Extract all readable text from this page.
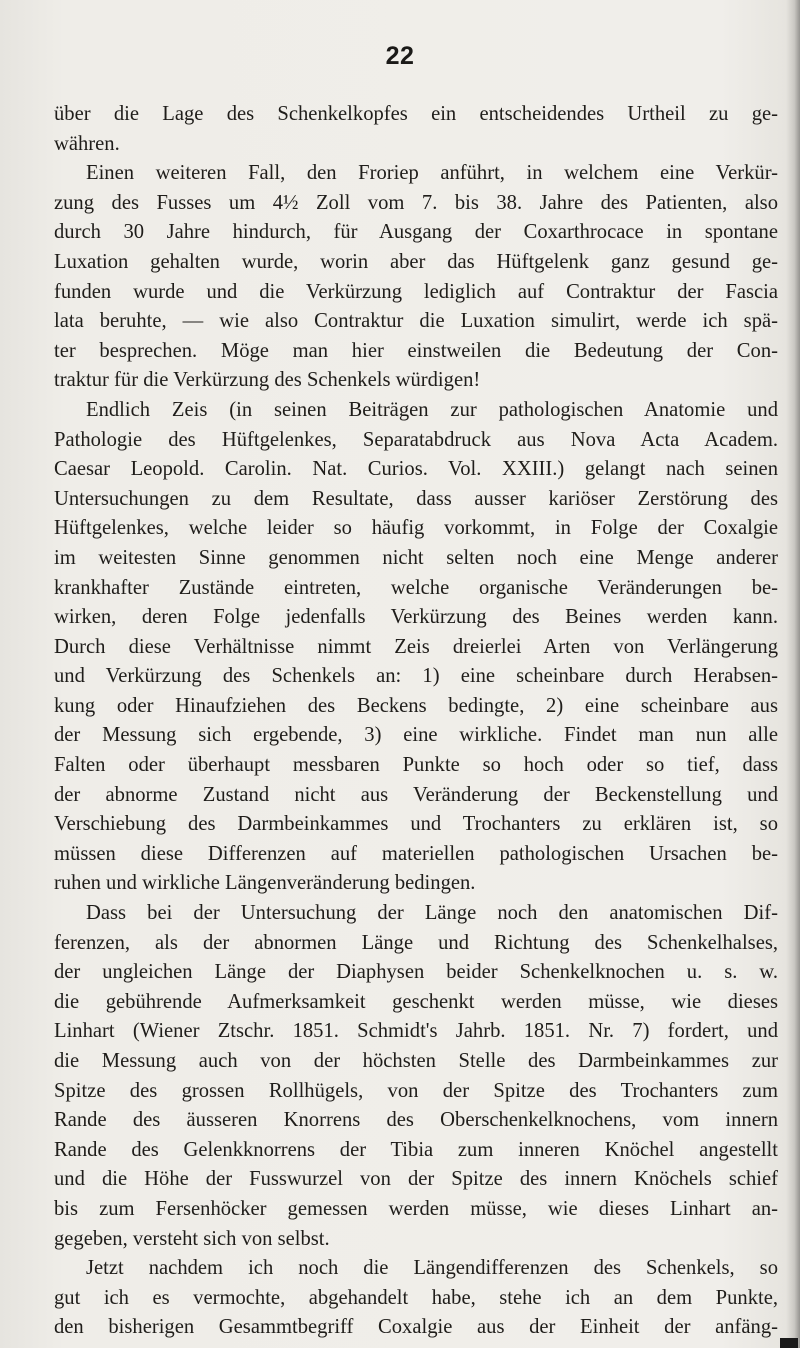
22
über die Lage des Schenkelkopfes ein entscheidendes Urtheil zu ge-
währen.
Einen weiteren Fall, den Froriep anführt, in welchem eine Verkür-
zung des Fusses um 4½ Zoll vom 7. bis 38. Jahre des Patienten, also
durch 30 Jahre hindurch, für Ausgang der Coxarthrocace in spontane
Luxation gehalten wurde, worin aber das Hüftgelenk ganz gesund ge-
funden wurde und die Verkürzung lediglich auf Contraktur der Fascia
lata beruhte, — wie also Contraktur die Luxation simulirt, werde ich spä-
ter besprechen. Möge man hier einstweilen die Bedeutung der Con-
traktur für die Verkürzung des Schenkels würdigen!
Endlich Zeis (in seinen Beiträgen zur pathologischen Anatomie und
Pathologie des Hüftgelenkes, Separatabdruck aus Nova Acta Academ.
Caesar Leopold. Carolin. Nat. Curios. Vol. XXIII.) gelangt nach seinen
Untersuchungen zu dem Resultate, dass ausser kariöser Zerstörung des
Hüftgelenkes, welche leider so häufig vorkommt, in Folge der Coxalgie
im weitesten Sinne genommen nicht selten noch eine Menge anderer
krankhafter Zustände eintreten, welche organische Veränderungen be-
wirken, deren Folge jedenfalls Verkürzung des Beines werden kann.
Durch diese Verhältnisse nimmt Zeis dreierlei Arten von Verlängerung
und Verkürzung des Schenkels an: 1) eine scheinbare durch Herabsen-
kung oder Hinaufziehen des Beckens bedingte, 2) eine scheinbare aus
der Messung sich ergebende, 3) eine wirkliche. Findet man nun alle
Falten oder überhaupt messbaren Punkte so hoch oder so tief, dass
der abnorme Zustand nicht aus Veränderung der Beckenstellung und
Verschiebung des Darmbeinkammes und Trochanters zu erklären ist, so
müssen diese Differenzen auf materiellen pathologischen Ursachen be-
ruhen und wirkliche Längenveränderung bedingen.
Dass bei der Untersuchung der Länge noch den anatomischen Dif-
ferenzen, als der abnormen Länge und Richtung des Schenkelhalses,
der ungleichen Länge der Diaphysen beider Schenkelknochen u. s. w.
die gebührende Aufmerksamkeit geschenkt werden müsse, wie dieses
Linhart (Wiener Ztschr. 1851. Schmidt's Jahrb. 1851. Nr. 7) fordert, und
die Messung auch von der höchsten Stelle des Darmbeinkammes zur
Spitze des grossen Rollhügels, von der Spitze des Trochanters zum
Rande des äusseren Knorrens des Oberschenkelknochens, vom innern
Rande des Gelenkknorrens der Tibia zum inneren Knöchel angestellt
und die Höhe der Fusswurzel von der Spitze des innern Knöchels schief
bis zum Fersenhöcker gemessen werden müsse, wie dieses Linhart an-
gegeben, versteht sich von selbst.
Jetzt nachdem ich noch die Längendifferenzen des Schenkels, so
gut ich es vermochte, abgehandelt habe, stehe ich an dem Punkte,
den bisherigen Gesammtbegriff Coxalgie aus der Einheit der anfäng-
